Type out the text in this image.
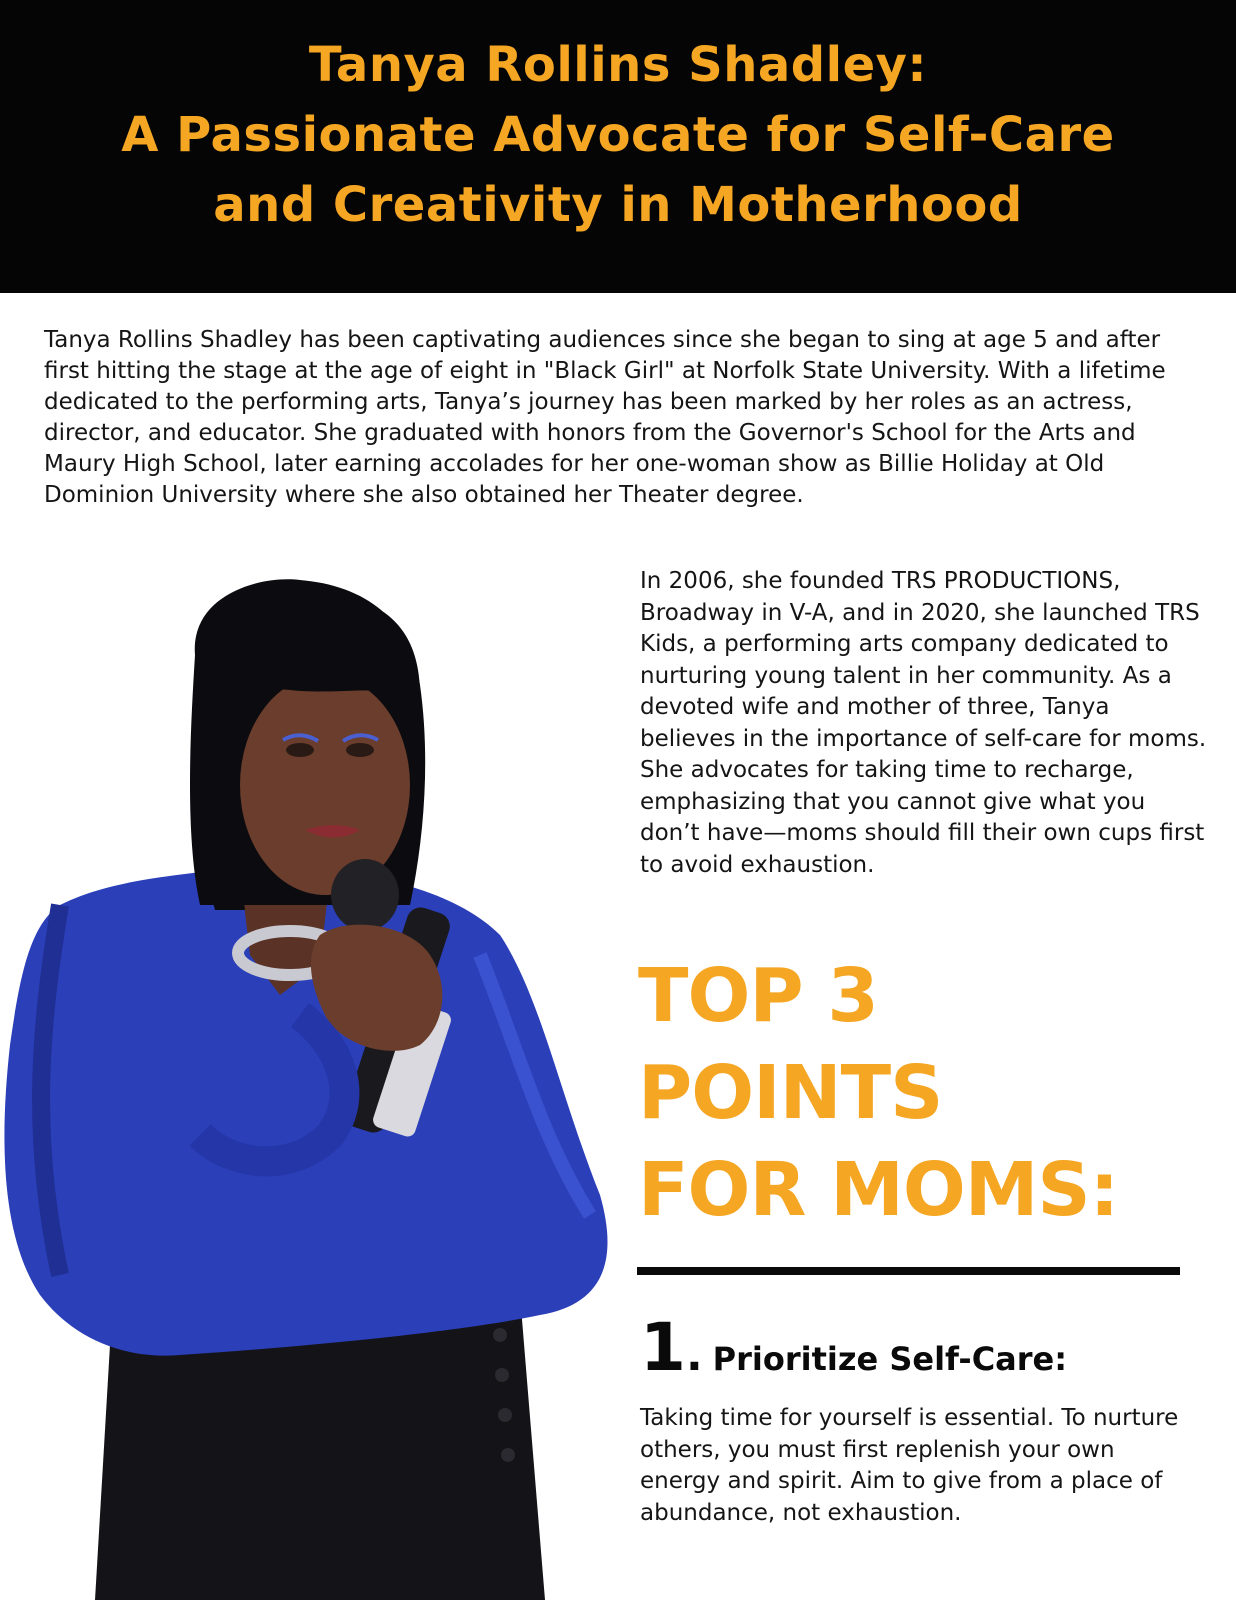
Tanya Rollins Shadley:
A Passionate Advocate for Self-Care
and Creativity in Motherhood

Tanya Rollins Shadley has been captivating audiences since she began to sing at age 5 and after first hitting the stage at the age of eight in "Black Girl" at Norfolk State University. With a lifetime dedicated to the performing arts, Tanya’s journey has been marked by her roles as an actress, director, and educator. She graduated with honors from the Governor's School for the Arts and Maury High School, later earning accolades for her one-woman show as Billie Holiday at Old Dominion University where she also obtained her Theater degree.

In 2006, she founded TRS PRODUCTIONS, Broadway in V-A, and in 2020, she launched TRS Kids, a performing arts company dedicated to nurturing young talent in her community. As a devoted wife and mother of three, Tanya believes in the importance of self-care for moms. She advocates for taking time to recharge, emphasizing that you cannot give what you don’t have—moms should fill their own cups first to avoid exhaustion.

TOP 3
POINTS
FOR MOMS:
1 . Prioritize Self-Care:

Taking time for yourself is essential. To nurture others, you must first replenish your own energy and spirit. Aim to give from a place of abundance, not exhaustion.
